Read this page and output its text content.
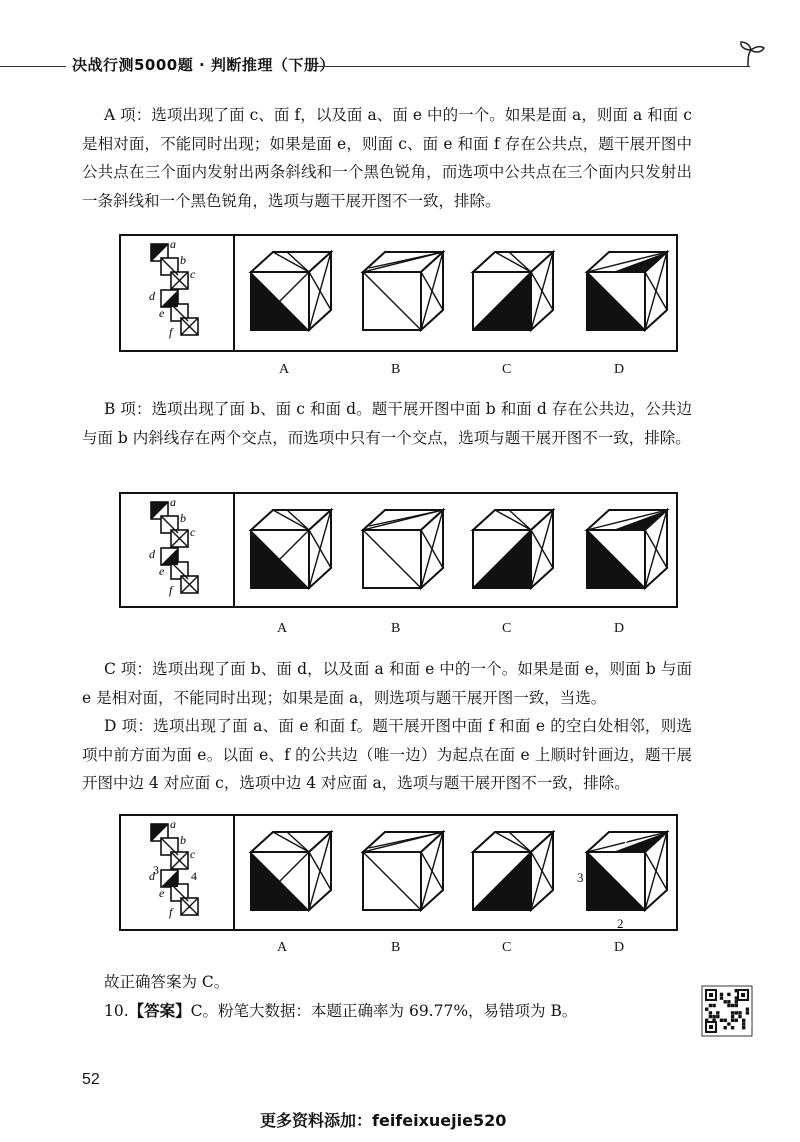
决战行测5000题 · 判断推理（下册）

A 项：选项出现了面 c、面 f，以及面 a、面 e 中的一个。如果是面 a，则面 a 和面 c 是相对面，不能同时出现；如果是面 e，则面 c、面 e 和面 f 存在公共点，题干展开图中公共点在三个面内发射出两条斜线和一个黑色锐角，而选项中公共点在三个面内只发射出一条斜线和一个黑色锐角，选项与题干展开图不一致，排除。

a
b
c
d
e
f
A	B	C	D

B 项：选项出现了面 b、面 c 和面 d。题干展开图中面 b 和面 d 存在公共边，公共边与面 b 内斜线存在两个交点，而选项中只有一个交点，选项与题干展开图不一致，排除。

a
b
c
d
e
f
A	B	C	D

C 项：选项出现了面 b、面 d，以及面 a 和面 e 中的一个。如果是面 e，则面 b 与面 e 是相对面，不能同时出现；如果是面 a，则选项与题干展开图一致，当选。

D 项：选项出现了面 a、面 e 和面 f。题干展开图中面 f 和面 e 的空白处相邻，则选项中前方面为面 e。以面 e、f 的公共边（唯一边）为起点在面 e 上顺时针画边，题干展开图中边 4 对应面 c，选项中边 4 对应面 a，选项与题干展开图不一致，排除。

a
b
c
d
e
f
3	4
4
3
2
A	B	C	D

故正确答案为 C。

10.【答案】C。粉笔大数据：本题正确率为 69.77%，易错项为 B。

52
更多资料添加：feifeixuejie520
